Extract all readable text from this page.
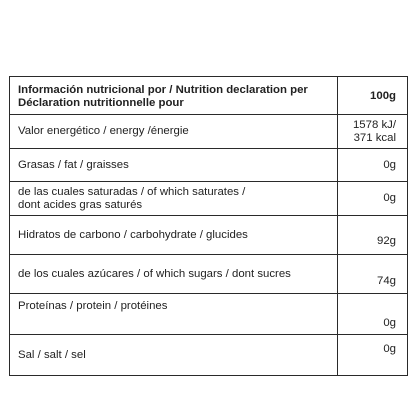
Información nutricional por / Nutrition declaration per
Déclaration nutritionnelle pour	100g

Valor energético / energy /énergie	1578 kJ/
371 kcal

Grasas / fat / graisses	0g

de las cuales saturadas / of which saturates /
dont acides gras saturés	0g
Hidratos de carbono / carbohydrate / glucides	92g
de los cuales azúcares / of which sugars / dont sucres	74g
Proteínas / protein / protéines	0g
Sal / salt / sel	0g
